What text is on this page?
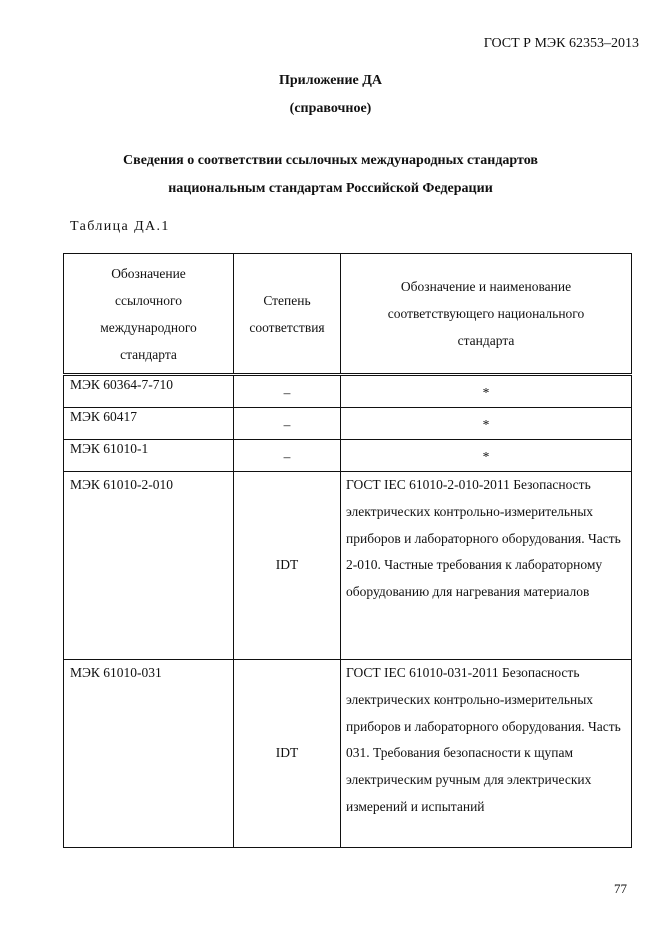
ГОСТ Р МЭК 62353–2013
Приложение ДА
(справочное)
Сведения о соответствии ссылочных международных стандартов
национальным стандартам Российской Федерации
Таблица ДА.1
Обозначение ссылочного международного стандарта	Степень соответствия	Обозначение и наименование соответствующего национального стандарта

МЭК 60364-7-710	–	*
МЭК 60417	–	*
МЭК 61010-1	–	*
МЭК 61010-2-010	IDT	ГОСТ IEC 61010-2-010-2011 Безопасность электрических контрольно-измерительных приборов и лабораторного оборудования. Часть 2-010. Частные требования к лабораторному оборудованию для нагревания материалов
МЭК 61010-031	IDT	ГОСТ IEC 61010-031-2011 Безопасность электрических контрольно-измерительных приборов и лабораторного оборудования. Часть 031. Требования безопасности к щупам электрическим ручным для электрических измерений и испытаний
77
